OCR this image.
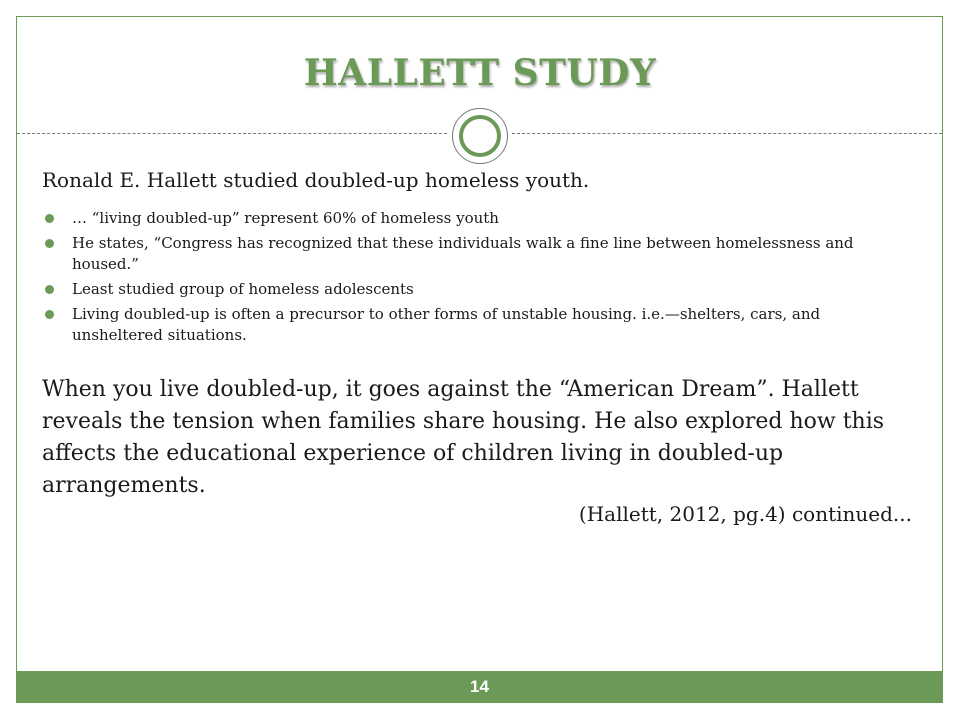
HALLETT STUDY

Ronald E. Hallett studied doubled-up homeless youth.

… “living doubled-up” represent 60% of homeless youth
He states, “Congress has recognized that these individuals walk a fine line between homelessness and housed.”
Least studied group of homeless adolescents
Living doubled-up is often a precursor to other forms of unstable housing. i.e.—shelters, cars, and unsheltered situations.

When you live doubled-up, it goes against the “American Dream”. Hallett reveals the tension when families share housing. He also explored how this affects the educational experience of children living in doubled-up arrangements.

(Hallett, 2012, pg.4) continued...

14
